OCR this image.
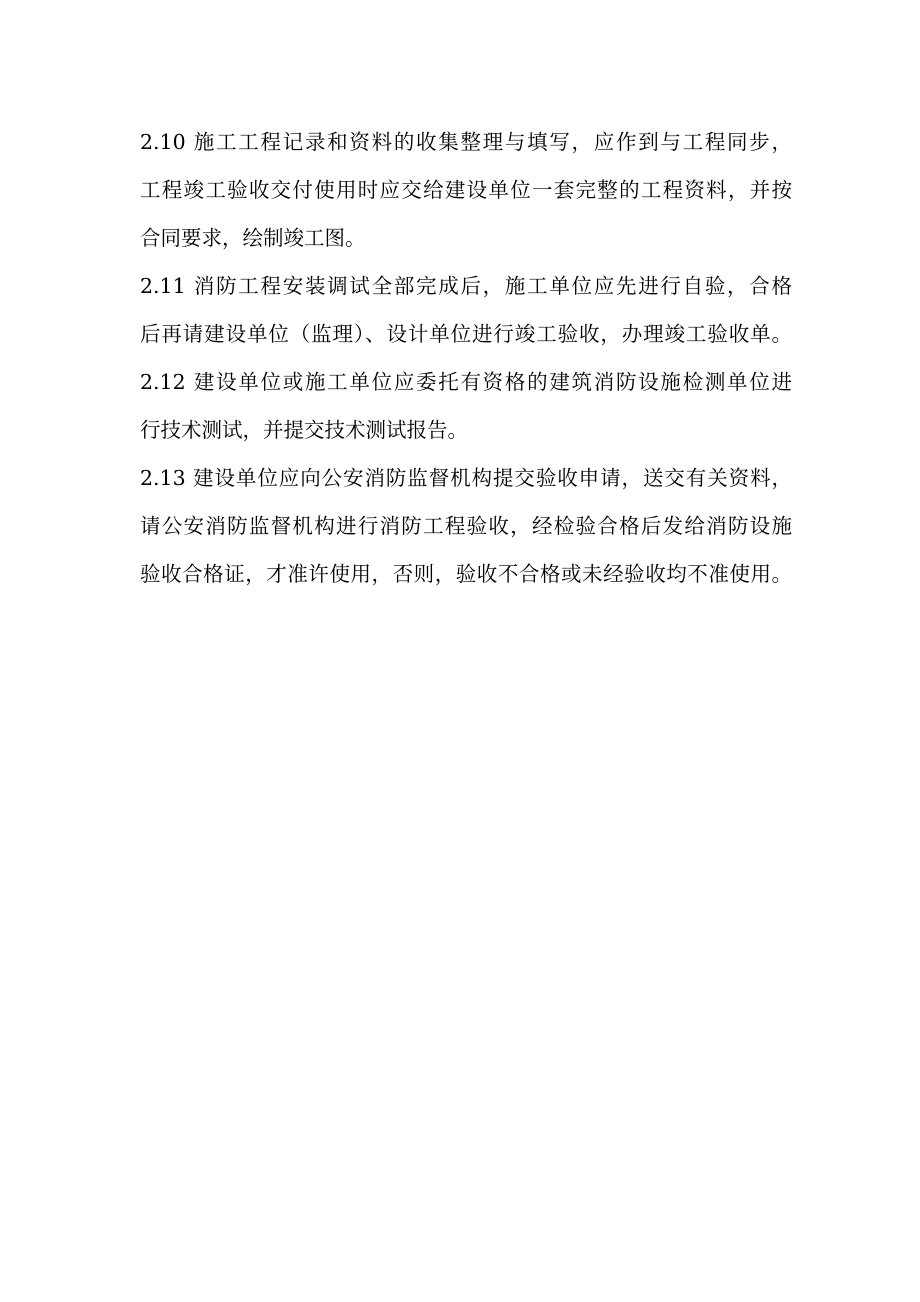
2.10 施工工程记录和资料的收集整理与填写，应作到与工程同步，
工程竣工验收交付使用时应交给建设单位一套完整的工程资料，并按
合同要求，绘制竣工图。
2.11 消防工程安装调试全部完成后，施工单位应先进行自验，合格
后再请建设单位（监理）、设计单位进行竣工验收，办理竣工验收单。
2.12 建设单位或施工单位应委托有资格的建筑消防设施检测单位进
行技术测试，并提交技术测试报告。
2.13 建设单位应向公安消防监督机构提交验收申请，送交有关资料，
请公安消防监督机构进行消防工程验收，经检验合格后发给消防设施
验收合格证，才准许使用，否则，验收不合格或未经验收均不准使用。
